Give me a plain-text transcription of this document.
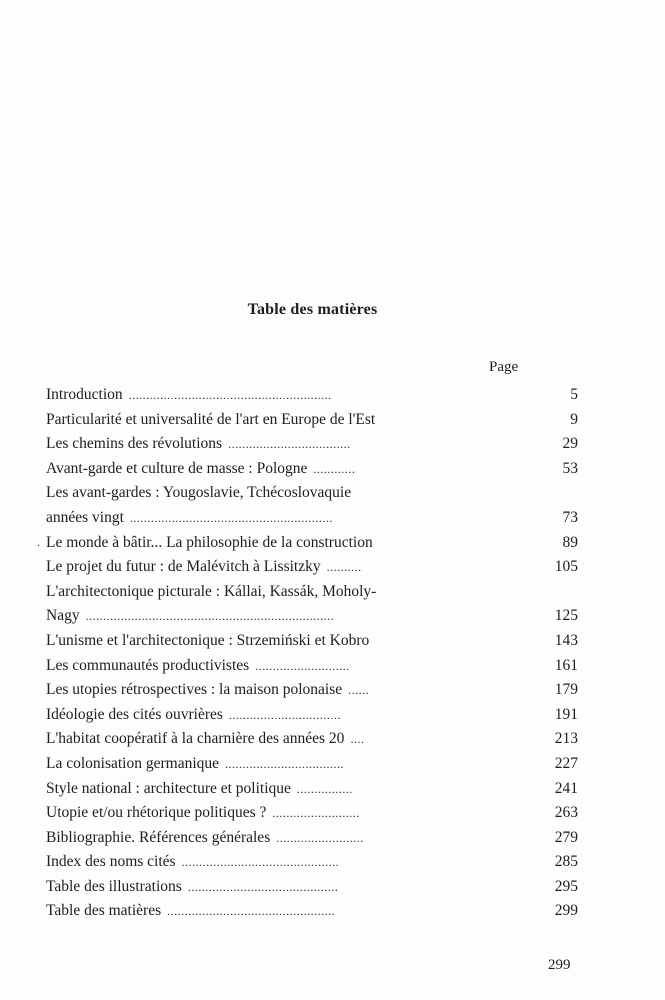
Table des matières
Page
Introduction ..........................................................	5
Particularité et universalité de l'art en Europe de l'Est	9
Les chemins des révolutions ...................................	29
Avant-garde et culture de masse : Pologne ............	53
Les avant-gardes : Yougoslavie, Tchécoslovaquie
années vingt ..........................................................	73
Le monde à bâtir... La philosophie de la construction	89
Le projet du futur : de Malévitch à Lissitzky ..........	105
L'architectonique picturale : Kállai, Kassák, Moholy-
Nagy .......................................................................	125
L'unisme et l'architectonique : Strzemiński et Kobro	143
Les communautés productivistes ...........................	161
Les utopies rétrospectives : la maison polonaise ......	179
Idéologie des cités ouvrières ................................	191
L'habitat coopératif à la charnière des années 20 ....	213
La colonisation germanique ..................................	227
Style national : architecture et politique ................	241
Utopie et/ou rhétorique politiques ? .........................	263
Bibliographie. Références générales .........................	279
Index des noms cités .............................................	285
Table des illustrations ...........................................	295
Table des matières ................................................	299
.
299
